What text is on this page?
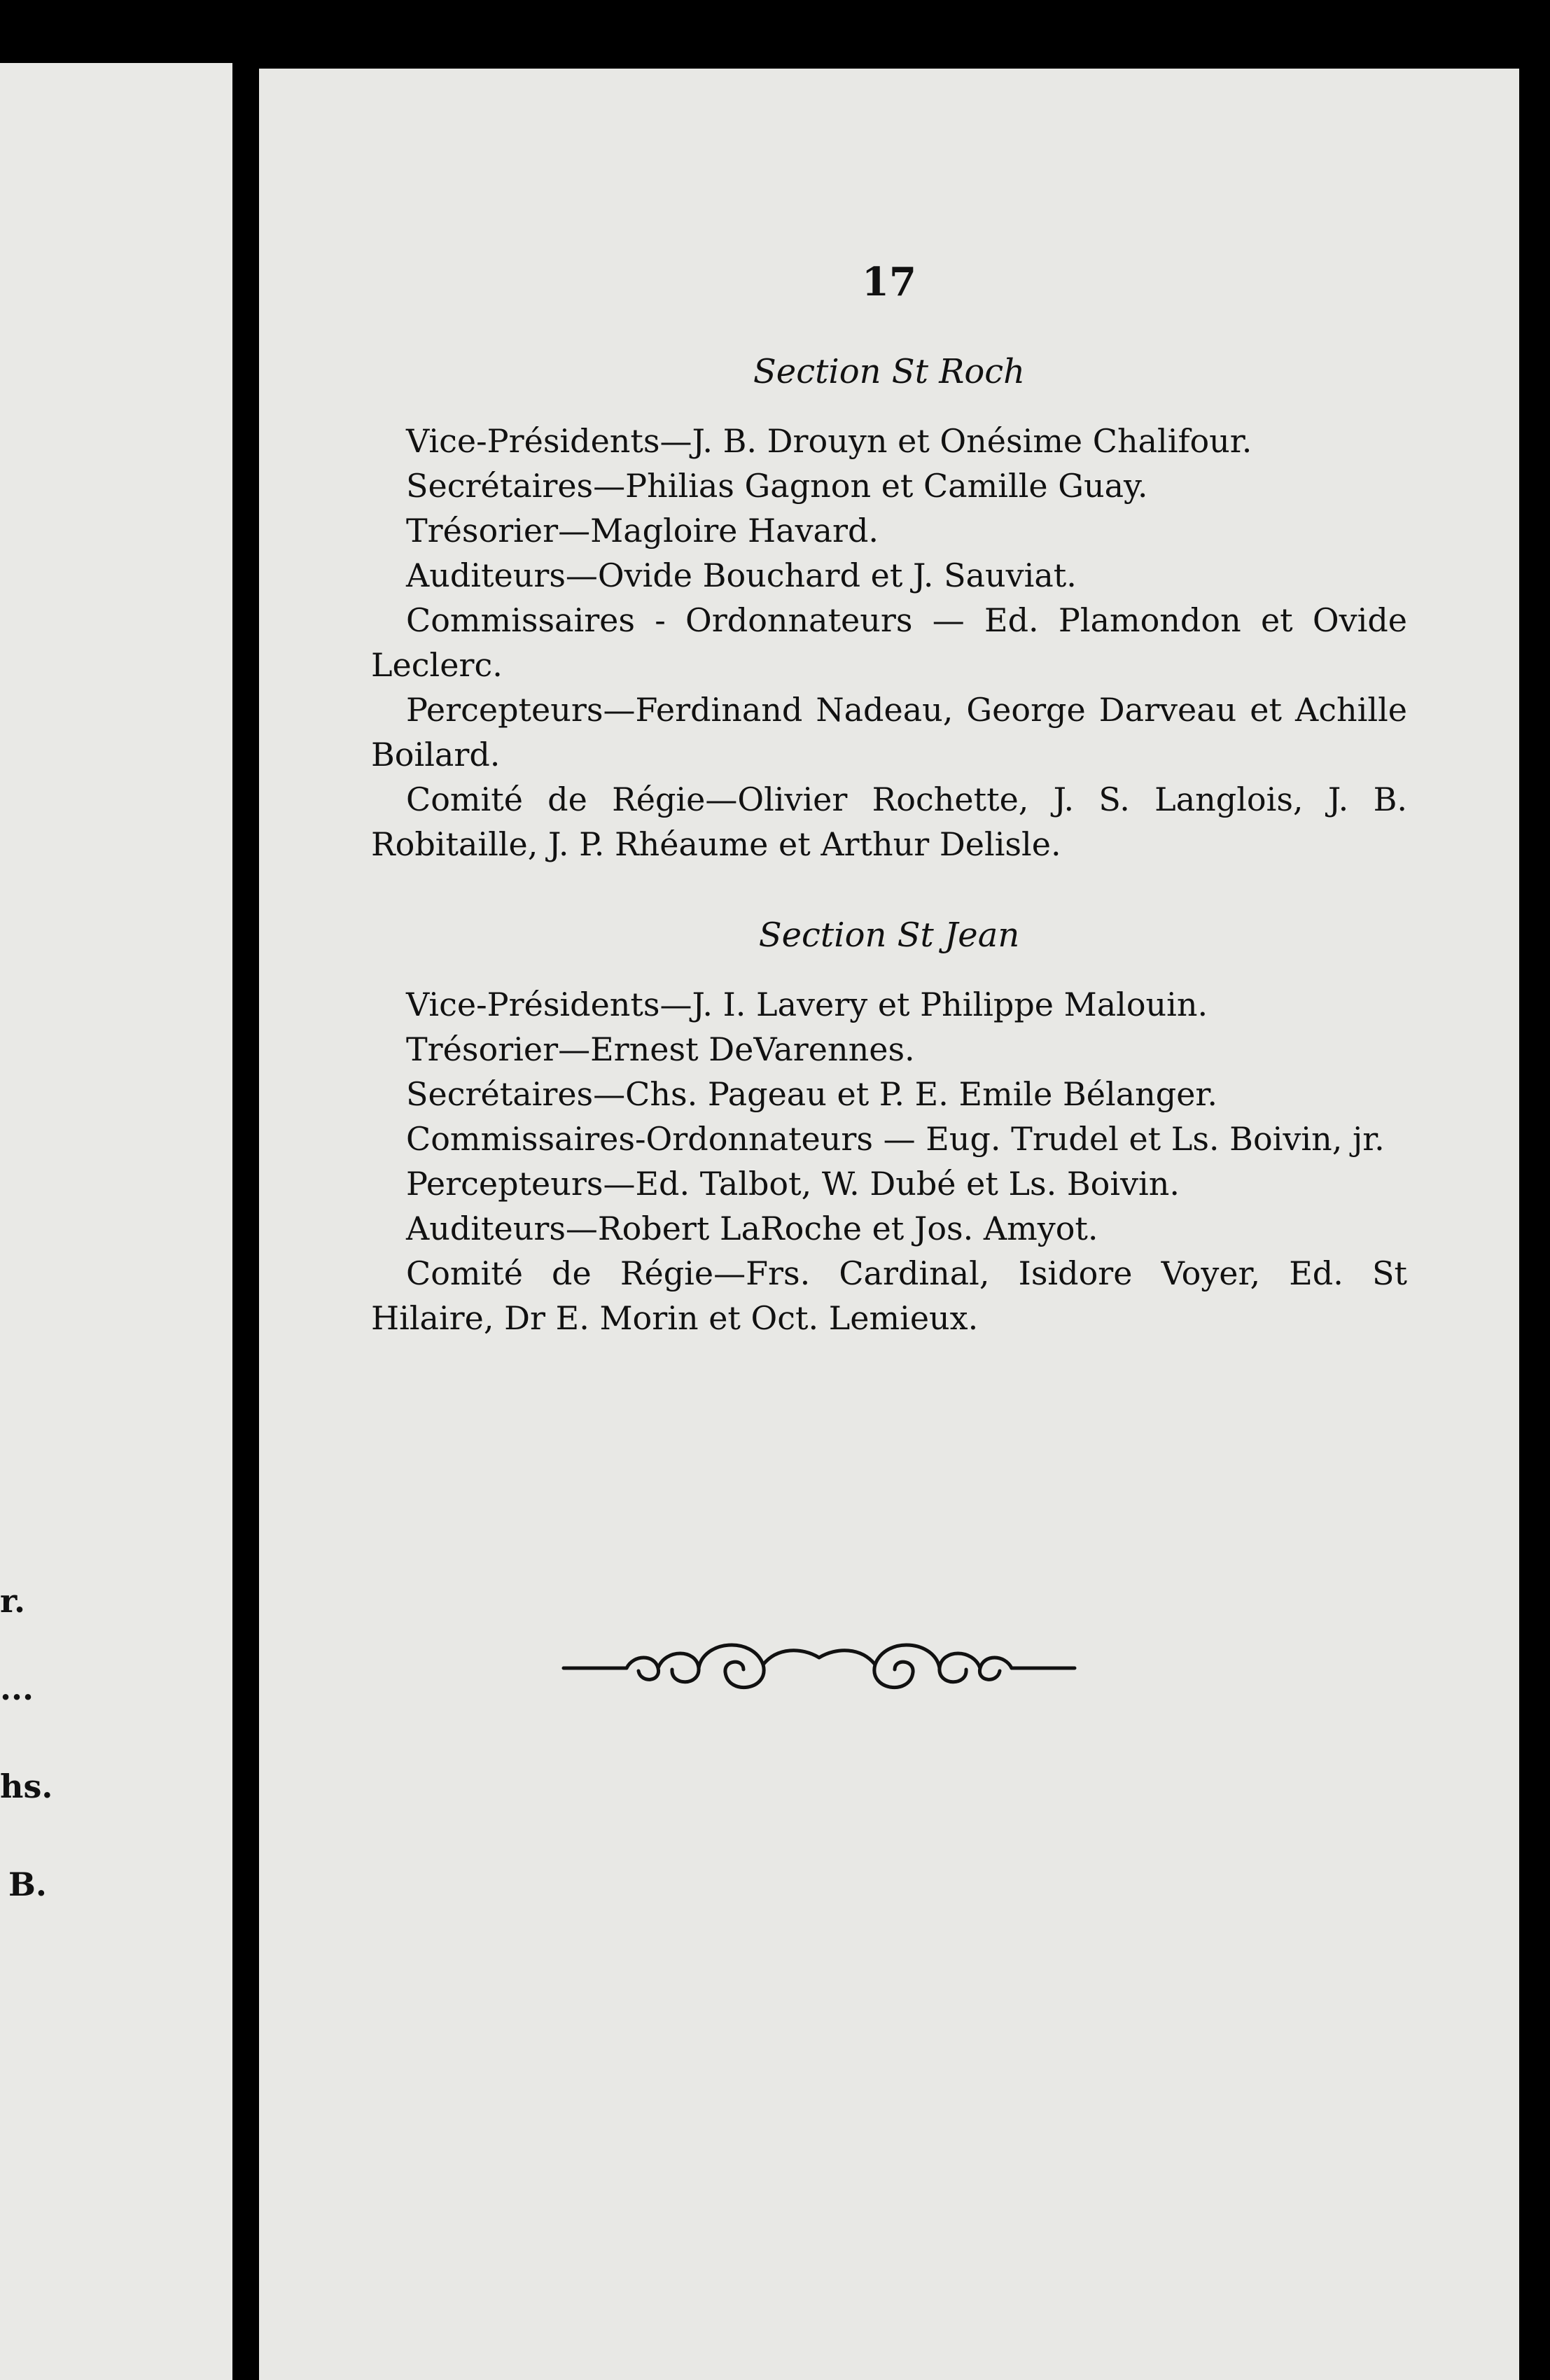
r.
...
hs.
B.
17
Section St Roch

Vice-Présidents—J. B. Drouyn et Onésime Chalifour.

Secrétaires—Philias Gagnon et Camille Guay.

Trésorier—Magloire Havard.

Auditeurs—Ovide Bouchard et J. Sauviat.

Commissaires - Ordonnateurs — Ed. Plamondon et Ovide Leclerc.

Percepteurs—Ferdinand Nadeau, George Darveau et Achille Boilard.

Comité de Régie—Olivier Rochette, J. S. Langlois, J. B. Robitaille, J. P. Rhéaume et Arthur Delisle.

Section St Jean

Vice-Présidents—J. I. Lavery et Philippe Malouin.

Trésorier—Ernest DeVarennes.

Secrétaires—Chs. Pageau et P. E. Emile Bélanger.

Commissaires-Ordonnateurs — Eug. Trudel et Ls. Boivin, jr.

Percepteurs—Ed. Talbot, W. Dubé et Ls. Boivin.

Auditeurs—Robert LaRoche et Jos. Amyot.

Comité de Régie—Frs. Cardinal, Isidore Voyer, Ed. St Hilaire, Dr E. Morin et Oct. Lemieux.
